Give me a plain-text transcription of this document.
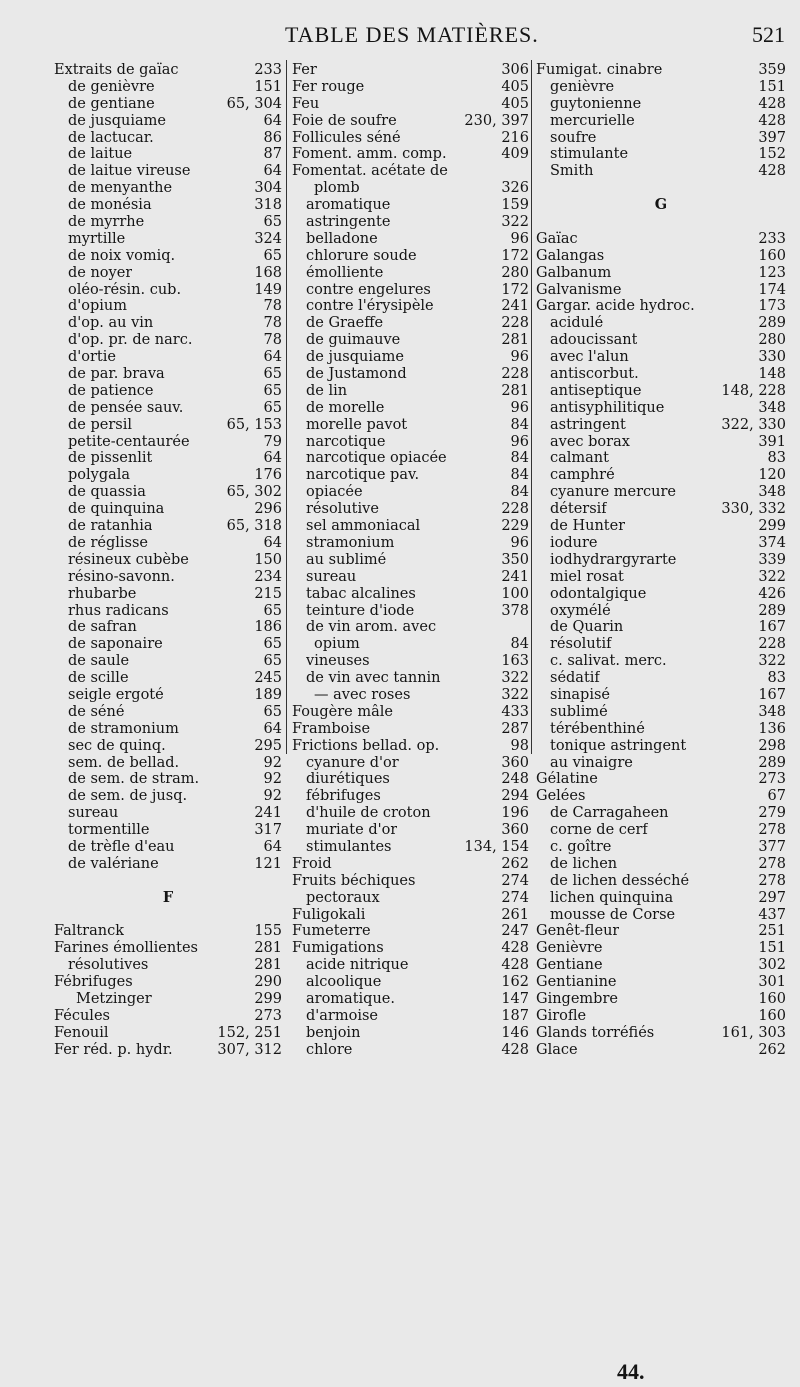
TABLE DES MATIÈRES.	521
Extraits de gaïac	233
de genièvre	151
de gentiane	65, 304
de jusquiame	64
de lactucar.	86
de laitue	87
de laitue vireuse	64
de menyanthe	304
de monésia	318
de myrrhe	65
myrtille	324
de noix vomiq.	65
de noyer	168
oléo-résin. cub.	149
d'opium	78
d'op. au vin	78
d'op. pr. de narc.	78
d'ortie	64
de par. brava	65
de patience	65
de pensée sauv.	65
de persil	65, 153
petite-centaurée	79
de pissenlit	64
polygala	176
de quassia	65, 302
de quinquina	296
de ratanhia	65, 318
de réglisse	64
résineux cubèbe	150
résino-savonn.	234
rhubarbe	215
rhus radicans	65
de safran	186
de saponaire	65
de saule	65
de scille	245
seigle ergoté	189
de séné	65
de stramonium	64
sec de quinq.	295
sem. de bellad.	92
de sem. de stram.	92
de sem. de jusq.	92
sureau	241
tormentille	317
de trèfle d'eau	64
de valériane	121
F
Faltranck	155
Farines émollientes	281
résolutives	281
Fébrifuges	290
Metzinger	299
Fécules	273
Fenouil	152, 251
Fer réd. p. hydr.	307, 312
Fer	306
Fer rouge	405
Feu	405
Foie de soufre	230, 397
Follicules séné	216
Foment. amm. comp.	409
Fomentat. acétate de
plomb	326
aromatique	159
astringente	322
belladone	96
chlorure soude	172
émolliente	280
contre engelures	172
contre l'érysipèle	241
de Graeffe	228
de guimauve	281
de jusquiame	96
de Justamond	228
de lin	281
de morelle	96
morelle pavot	84
narcotique	96
narcotique opiacée	84
narcotique pav.	84
opiacée	84
résolutive	228
sel ammoniacal	229
stramonium	96
au sublimé	350
sureau	241
tabac alcalines	100
teinture d'iode	378
de vin arom. avec
opium	84
vineuses	163
de vin avec tannin	322
— avec roses	322
Fougère mâle	433
Framboise	287
Frictions bellad. op.	98
cyanure d'or	360
diurétiques	248
fébrifuges	294
d'huile de croton	196
muriate d'or	360
stimulantes	134, 154
Froid	262
Fruits béchiques	274
pectoraux	274
Fuligokali	261
Fumeterre	247
Fumigations	428
acide nitrique	428
alcoolique	162
aromatique.	147
d'armoise	187
benjoin	146
chlore	428
Fumigat. cinabre	359
genièvre	151
guytonienne	428
mercurielle	428
soufre	397
stimulante	152
Smith	428
G
Gaïac	233
Galangas	160
Galbanum	123
Galvanisme	174
Gargar. acide hydroc.	173
acidulé	289
adoucissant	280
avec l'alun	330
antiscorbut.	148
antiseptique	148, 228
antisyphilitique	348
astringent	322, 330
avec borax	391
calmant	83
camphré	120
cyanure mercure	348
détersif	330, 332
de Hunter	299
iodure	374
iodhydrargyrarte	339
miel rosat	322
odontalgique	426
oxymélé	289
de Quarin	167
résolutif	228
c. salivat. merc.	322
sédatif	83
sinapisé	167
sublimé	348
térébenthiné	136
tonique astringent	298
au vinaigre	289
Gélatine	273
Gelées	67
de Carragaheen	279
corne de cerf	278
c. goître	377
de lichen	278
de lichen desséché	278
lichen quinquina	297
mousse de Corse	437
Genêt-fleur	251
Genièvre	151
Gentiane	302
Gentianine	301
Gingembre	160
Girofle	160
Glands torréfiés	161, 303
Glace	262
44.
